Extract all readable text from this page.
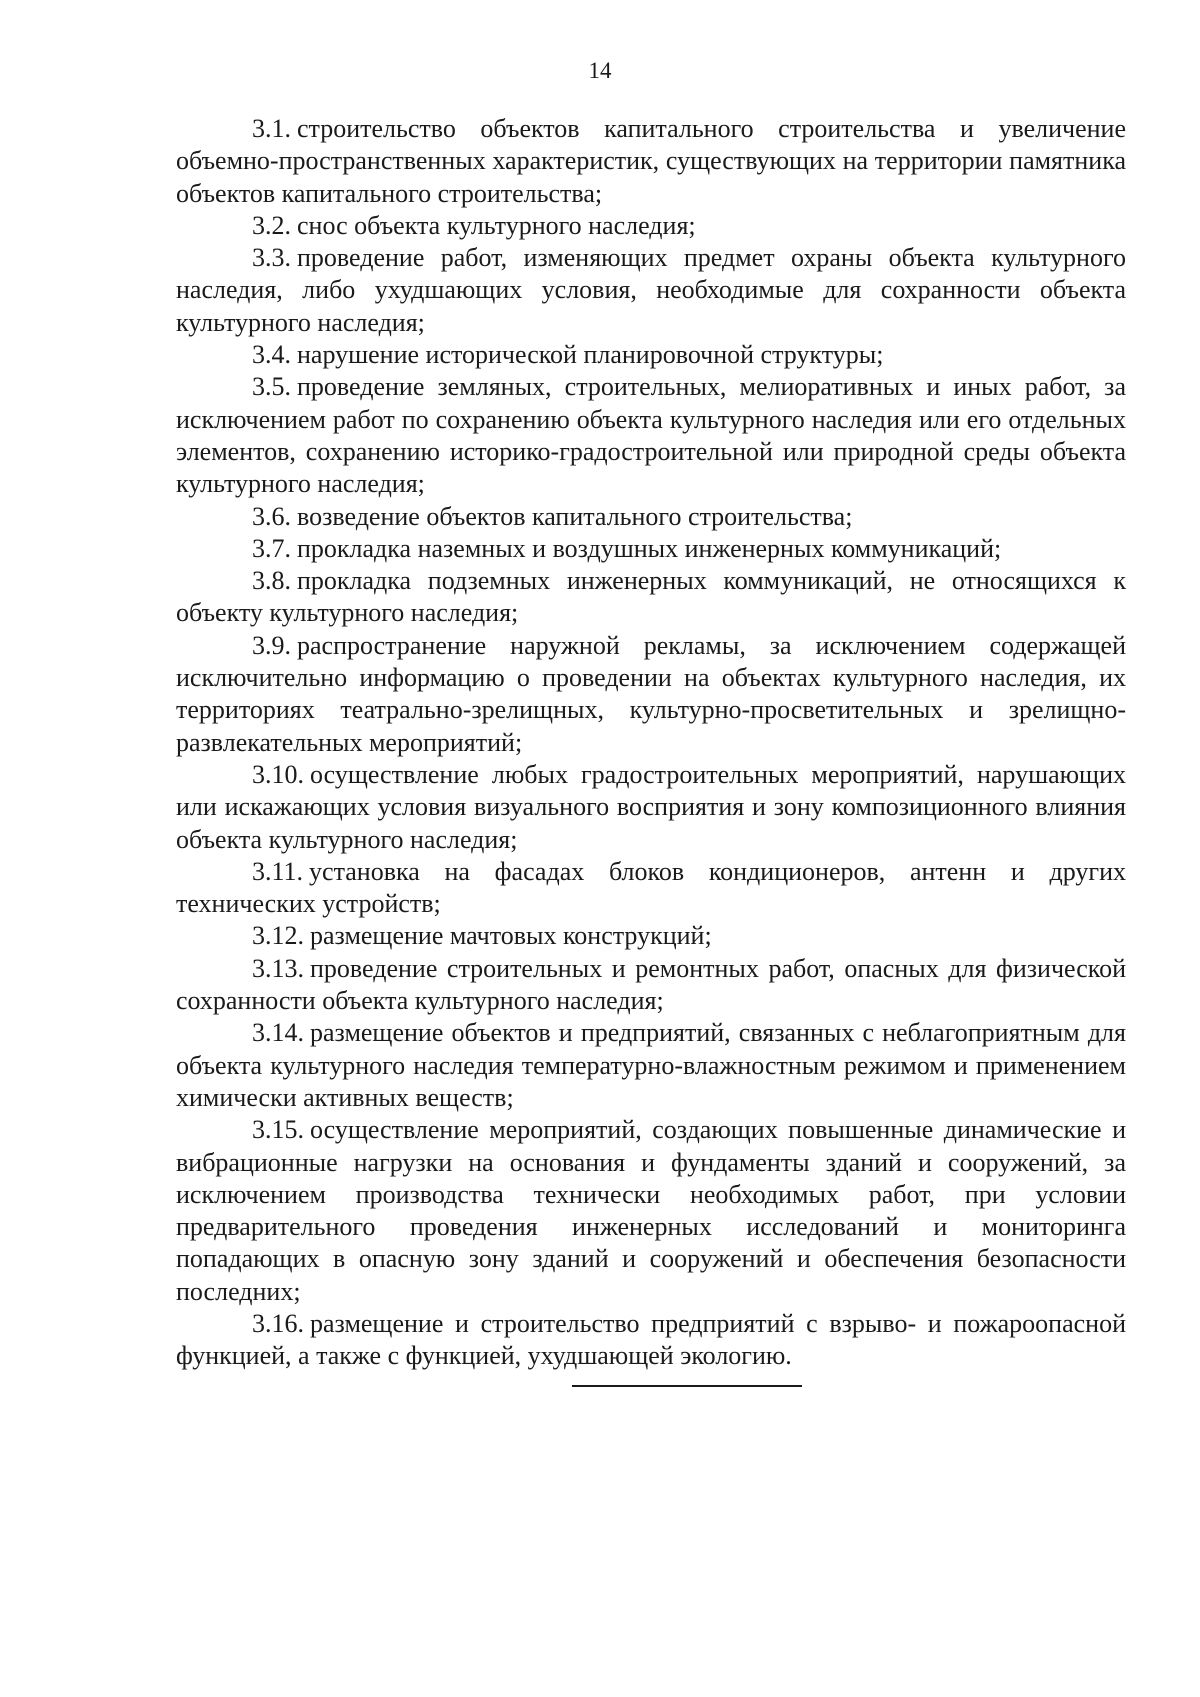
14

3.1. строительство объектов капитального строительства и увеличение объемно-пространственных характеристик, существующих на территории памятника объектов капитального строительства;

3.2. снос объекта культурного наследия;

3.3. проведение работ, изменяющих предмет охраны объекта культурного наследия, либо ухудшающих условия, необходимые для сохранности объекта культурного наследия;

3.4. нарушение исторической планировочной структуры;

3.5. проведение земляных, строительных, мелиоративных и иных работ, за исключением работ по сохранению объекта культурного наследия или его отдельных элементов, сохранению историко-градостроительной или природной среды объекта культурного наследия;

3.6. возведение объектов капитального строительства;

3.7. прокладка наземных и воздушных инженерных коммуникаций;

3.8. прокладка подземных инженерных коммуникаций, не относящихся к объекту культурного наследия;

3.9. распространение наружной рекламы, за исключением содержащей исключительно информацию о проведении на объектах культурного наследия, их территориях театрально-зрелищных, культурно-просветительных и зрелищно-развлекательных мероприятий;

3.10. осуществление любых градостроительных мероприятий, нарушающих или искажающих условия визуального восприятия и зону композиционного влияния объекта культурного наследия;

3.11. установка на фасадах блоков кондиционеров, антенн и других технических устройств;

3.12. размещение мачтовых конструкций;

3.13. проведение строительных и ремонтных работ, опасных для физической сохранности объекта культурного наследия;

3.14. размещение объектов и предприятий, связанных с неблагоприятным для объекта культурного наследия температурно-влажностным режимом и применением химически активных веществ;

3.15. осуществление мероприятий, создающих повышенные динамические и вибрационные нагрузки на основания и фундаменты зданий и сооружений, за исключением производства технически необходимых работ, при условии предварительного проведения инженерных исследований и мониторинга попадающих в опасную зону зданий и сооружений и обеспечения безопасности последних;

3.16. размещение и строительство предприятий с взрыво- и пожароопасной функцией, а также с функцией, ухудшающей экологию.
